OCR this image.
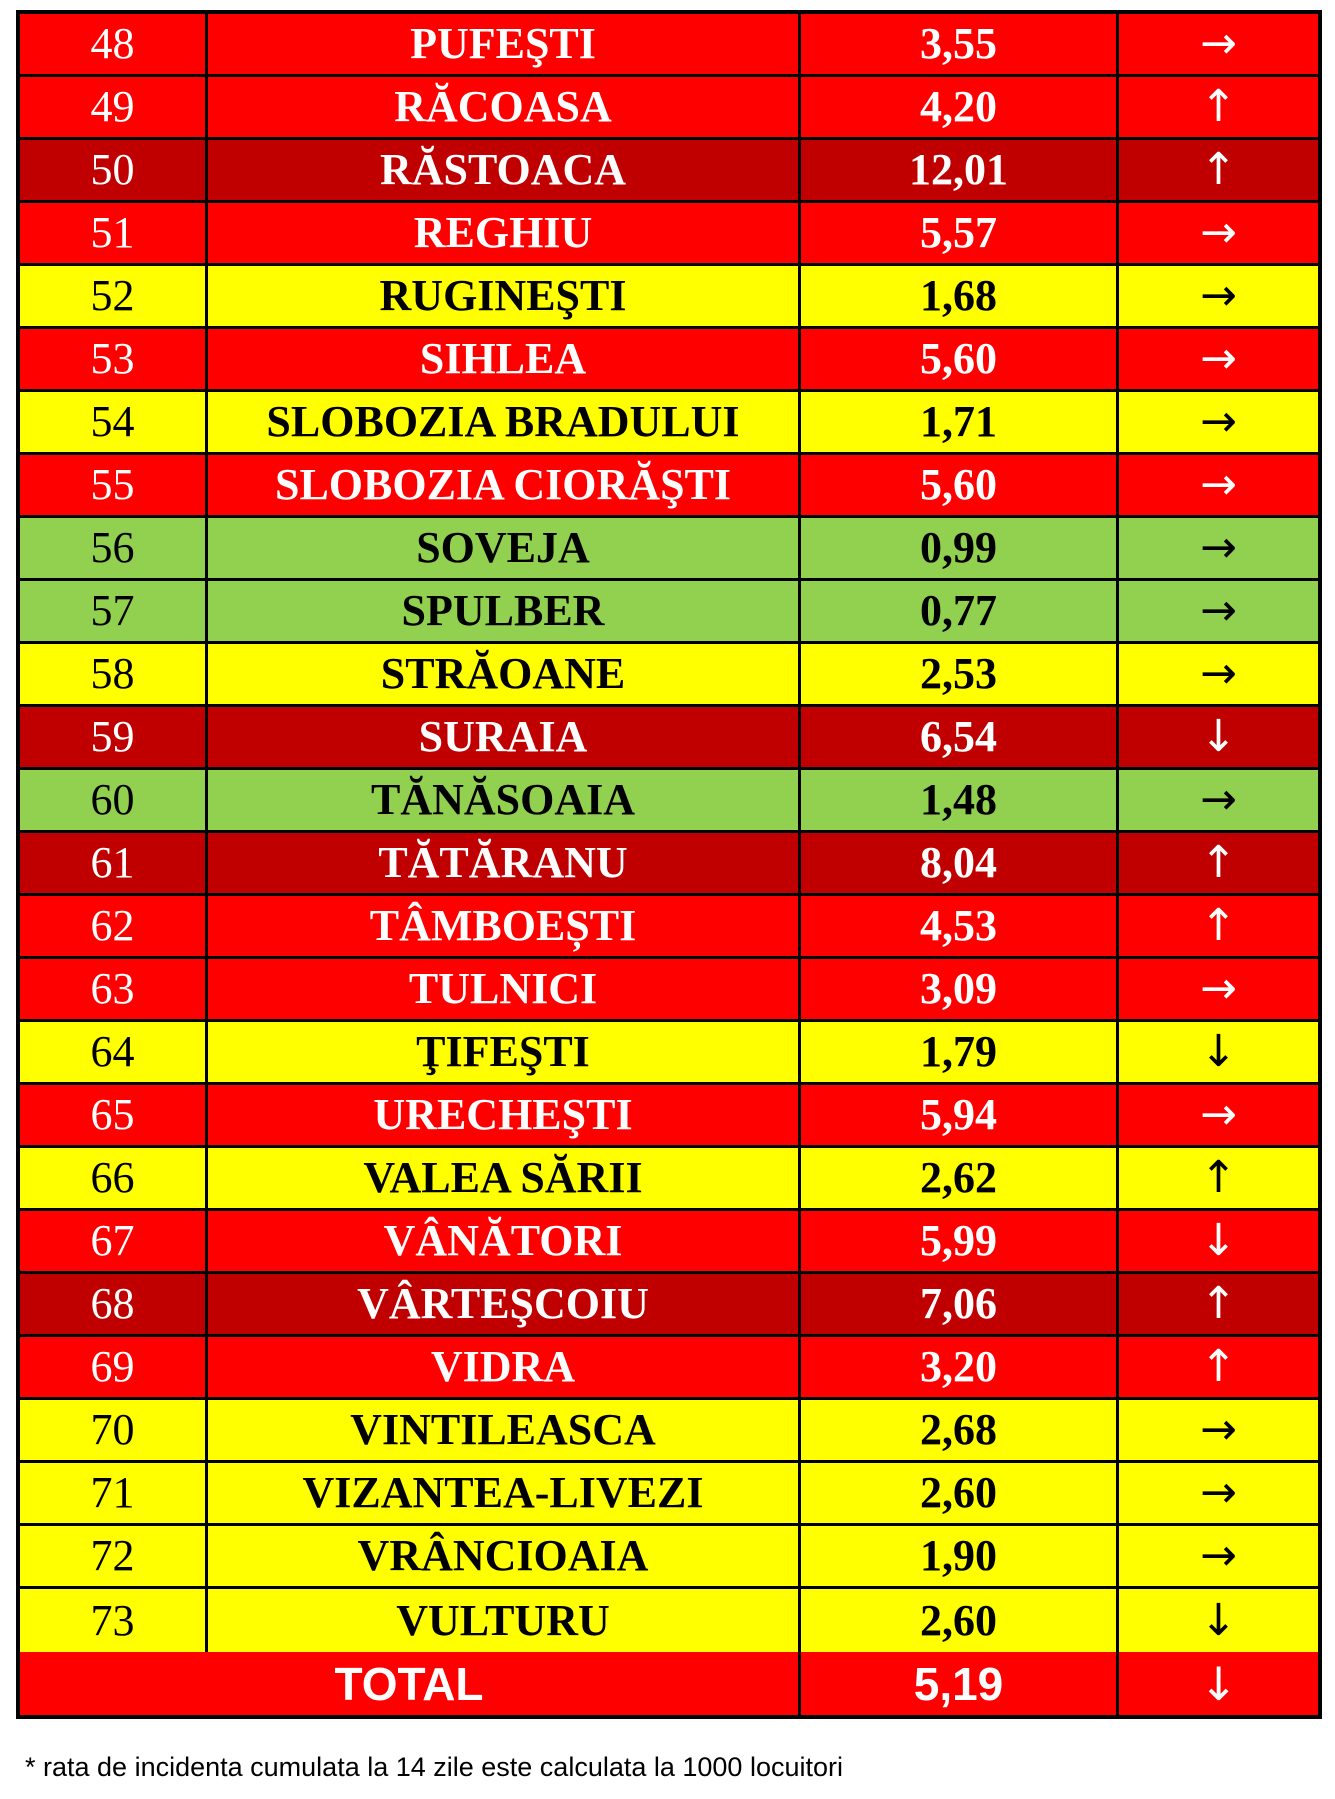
48	PUFEŞTI	3,55	→
49	RĂCOASA	4,20	↑
50	RĂSTOACA	12,01	↑
51	REGHIU	5,57	→
52	RUGINEŞTI	1,68	→
53	SIHLEA	5,60	→
54	SLOBOZIA BRADULUI	1,71	→
55	SLOBOZIA CIORĂŞTI	5,60	→
56	SOVEJA	0,99	→
57	SPULBER	0,77	→
58	STRĂOANE	2,53	→
59	SURAIA	6,54	↓
60	TĂNĂSOAIA	1,48	→
61	TĂTĂRANU	8,04	↑
62	TÂMBOEȘTI	4,53	↑
63	TULNICI	3,09	→
64	ŢIFEŞTI	1,79	↓
65	URECHEŞTI	5,94	→
66	VALEA SĂRII	2,62	↑
67	VÂNĂTORI	5,99	↓
68	VÂRTEŞCOIU	7,06	↑
69	VIDRA	3,20	↑
70	VINTILEASCA	2,68	→
71	VIZANTEA-LIVEZI	2,60	→
72	VRÂNCIOAIA	1,90	→
73	VULTURU	2,60	↓
TOTAL	5,19	↓
* rata de incidenta cumulata la 14 zile este calculata la 1000 locuitori
